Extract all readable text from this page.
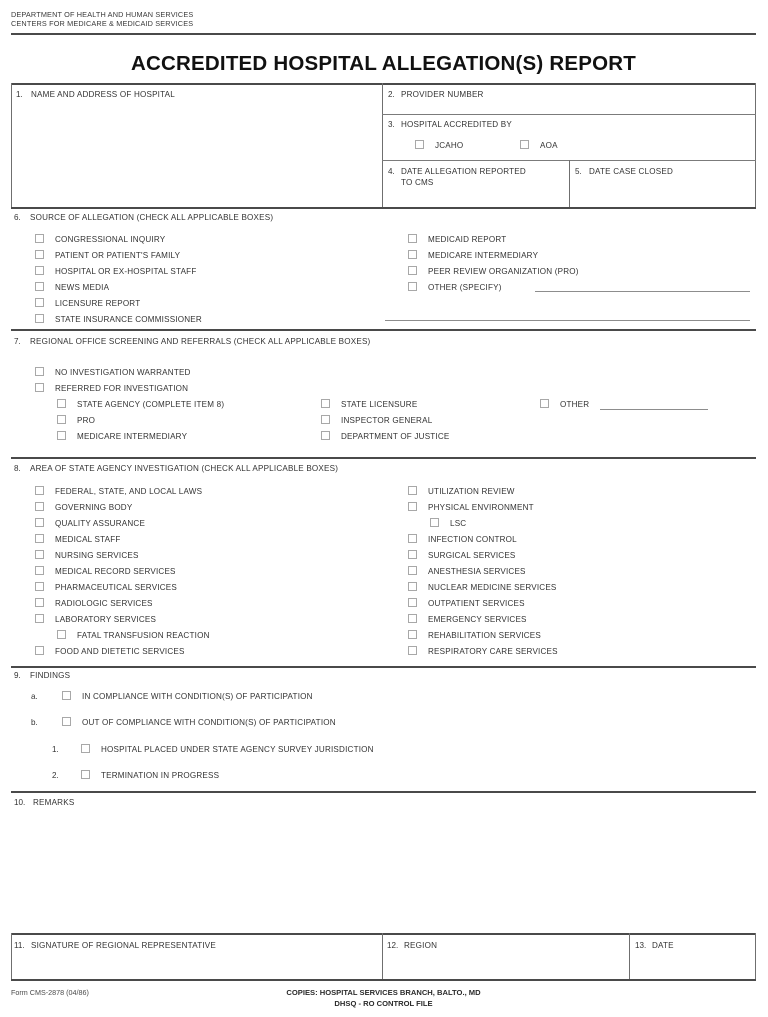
DEPARTMENT OF HEALTH AND HUMAN SERVICES
CENTERS FOR MEDICARE & MEDICAID SERVICES
ACCREDITED HOSPITAL ALLEGATION(S) REPORT
1. NAME AND ADDRESS OF HOSPITAL	2. PROVIDER NUMBER
3. HOSPITAL ACCREDITED BY
JCAHO	AOA
4. DATE ALLEGATION REPORTED
TO CMS
5. DATE CASE CLOSED
6. SOURCE OF ALLEGATION (CHECK ALL APPLICABLE BOXES)
CONGRESSIONAL INQUIRY
PATIENT OR PATIENT'S FAMILY
HOSPITAL OR EX-HOSPITAL STAFF
NEWS MEDIA
LICENSURE REPORT
STATE INSURANCE COMMISSIONER
MEDICAID REPORT
MEDICARE INTERMEDIARY
PEER REVIEW ORGANIZATION (PRO)
OTHER (SPECIFY)
7. REGIONAL OFFICE SCREENING AND REFERRALS (CHECK ALL APPLICABLE BOXES)
NO INVESTIGATION WARRANTED
REFERRED FOR INVESTIGATION
STATE AGENCY (COMPLETE ITEM 8)
PRO
MEDICARE INTERMEDIARY
STATE LICENSURE
INSPECTOR GENERAL
DEPARTMENT OF JUSTICE
OTHER
8. AREA OF STATE AGENCY INVESTIGATION (CHECK ALL APPLICABLE BOXES)
FEDERAL, STATE, AND LOCAL LAWS
GOVERNING BODY
QUALITY ASSURANCE
MEDICAL STAFF
NURSING SERVICES
MEDICAL RECORD SERVICES
PHARMACEUTICAL SERVICES
RADIOLOGIC SERVICES
LABORATORY SERVICES
FATAL TRANSFUSION REACTION
FOOD AND DIETETIC SERVICES
UTILIZATION REVIEW
PHYSICAL ENVIRONMENT
LSC
INFECTION CONTROL
SURGICAL SERVICES
ANESTHESIA SERVICES
NUCLEAR MEDICINE SERVICES
OUTPATIENT SERVICES
EMERGENCY SERVICES
REHABILITATION SERVICES
RESPIRATORY CARE SERVICES
9. FINDINGS
a.	IN COMPLIANCE WITH CONDITION(S) OF PARTICIPATION
b.	OUT OF COMPLIANCE WITH CONDITION(S) OF PARTICIPATION
1.	HOSPITAL PLACED UNDER STATE AGENCY SURVEY JURISDICTION
2.	TERMINATION IN PROGRESS
10. REMARKS
11. SIGNATURE OF REGIONAL REPRESENTATIVE	12. REGION	13. DATE
Form CMS-2878 (04/86)	COPIES: HOSPITAL SERVICES BRANCH, BALTO., MD
DHSQ - RO CONTROL FILE
